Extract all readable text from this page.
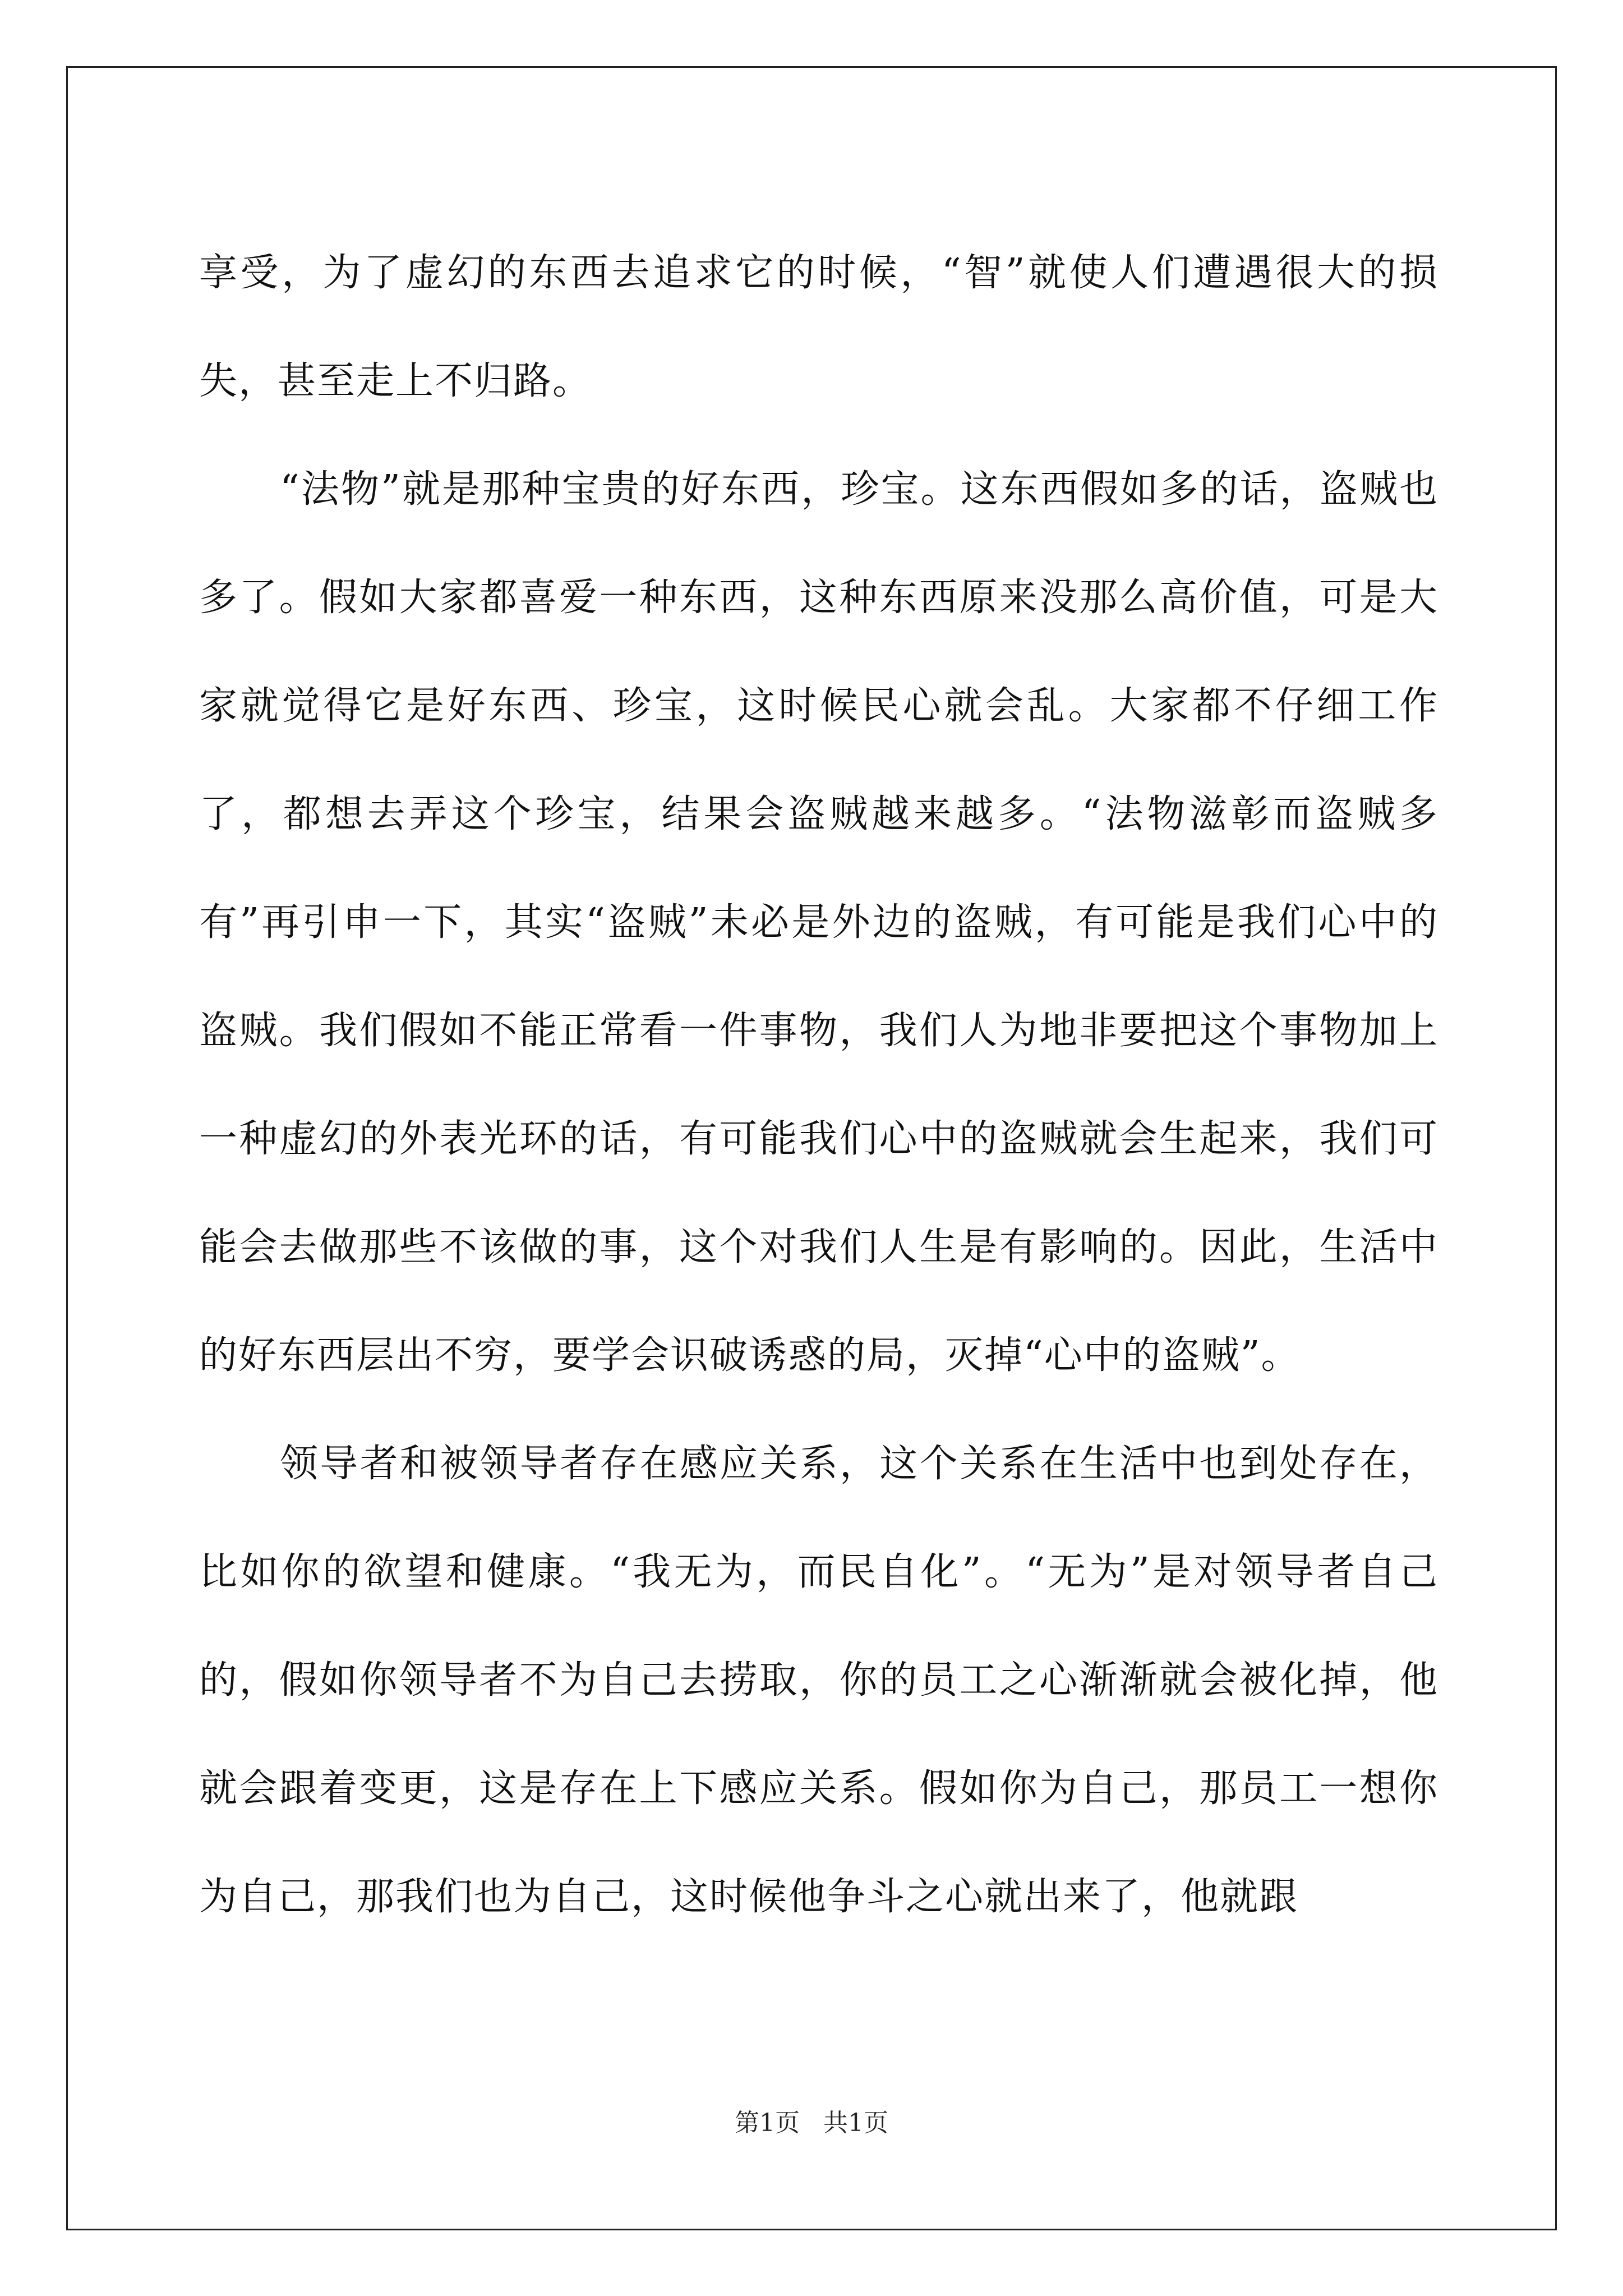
享受，为了虚幻的东西去追求它的时候，“智”就使人们遭遇很大的损失，甚至走上不归路。

“法物”就是那种宝贵的好东西，珍宝。这东西假如多的话，盗贼也多了。假如大家都喜爱一种东西，这种东西原来没那么高价值，可是大家就觉得它是好东西、珍宝，这时候民心就会乱。大家都不仔细工作了，都想去弄这个珍宝，结果会盗贼越来越多。“法物滋彰而盗贼多有”再引申一下，其实“盗贼”未必是外边的盗贼，有可能是我们心中的盗贼。我们假如不能正常看一件事物，我们人为地非要把这个事物加上一种虚幻的外表光环的话，有可能我们心中的盗贼就会生起来，我们可能会去做那些不该做的事，这个对我们人生是有影响的。因此，生活中的好东西层出不穷，要学会识破诱惑的局，灭掉“心中的盗贼”。

领导者和被领导者存在感应关系，这个关系在生活中也到处存在，比如你的欲望和健康。“我无为，而民自化”。“无为”是对领导者自己的，假如你领导者不为自己去捞取，你的员工之心渐渐就会被化掉，他就会跟着变更，这是存在上下感应关系。假如你为自己，那员工一想你为自己，那我们也为自己，这时候他争斗之心就出来了，他就跟

第1页 共1页
